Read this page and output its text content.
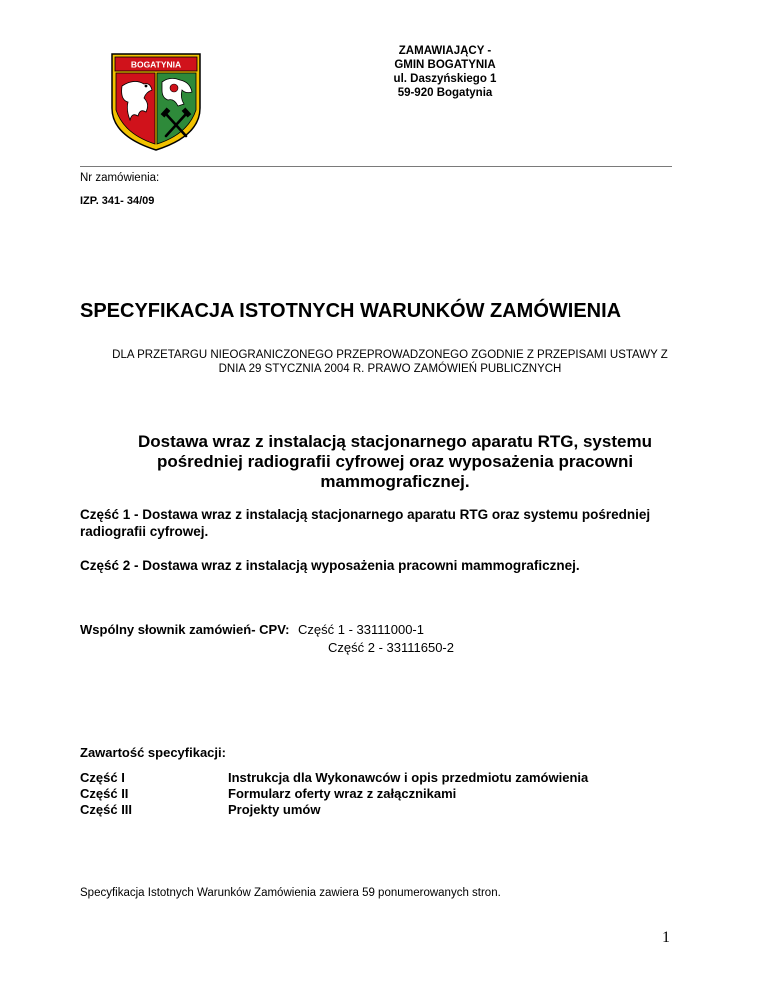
BOGATYNIA
ZAMAWIAJĄCY -
GMIN BOGATYNIA
ul. Daszyńskiego 1
59-920 Bogatynia
Nr zamówienia:
IZP. 341- 34/09
SPECYFIKACJA ISTOTNYCH WARUNKÓW ZAMÓWIENIA
DLA PRZETARGU NIEOGRANICZONEGO PRZEPROWADZONEGO ZGODNIE Z PRZEPISAMI USTAWY Z DNIA 29 STYCZNIA 2004 R. PRAWO ZAMÓWIEŃ PUBLICZNYCH
Dostawa wraz z instalacją stacjonarnego aparatu RTG, systemu pośredniej radiografii cyfrowej oraz wyposażenia pracowni mammograficznej.
Część 1 - Dostawa wraz z instalacją stacjonarnego aparatu RTG oraz systemu pośredniej radiografii cyfrowej.
Część 2 - Dostawa wraz z instalacją wyposażenia pracowni mammograficznej.
Wspólny słownik zamówień- CPV: Część 1 - 33111000-1
Część 2 - 33111650-2
Zawartość specyfikacji:
Część I	Instrukcja dla Wykonawców i opis przedmiotu zamówienia
Część II	Formularz oferty wraz z załącznikami
Część III	Projekty umów
Specyfikacja Istotnych Warunków Zamówienia zawiera 59 ponumerowanych stron.
1
